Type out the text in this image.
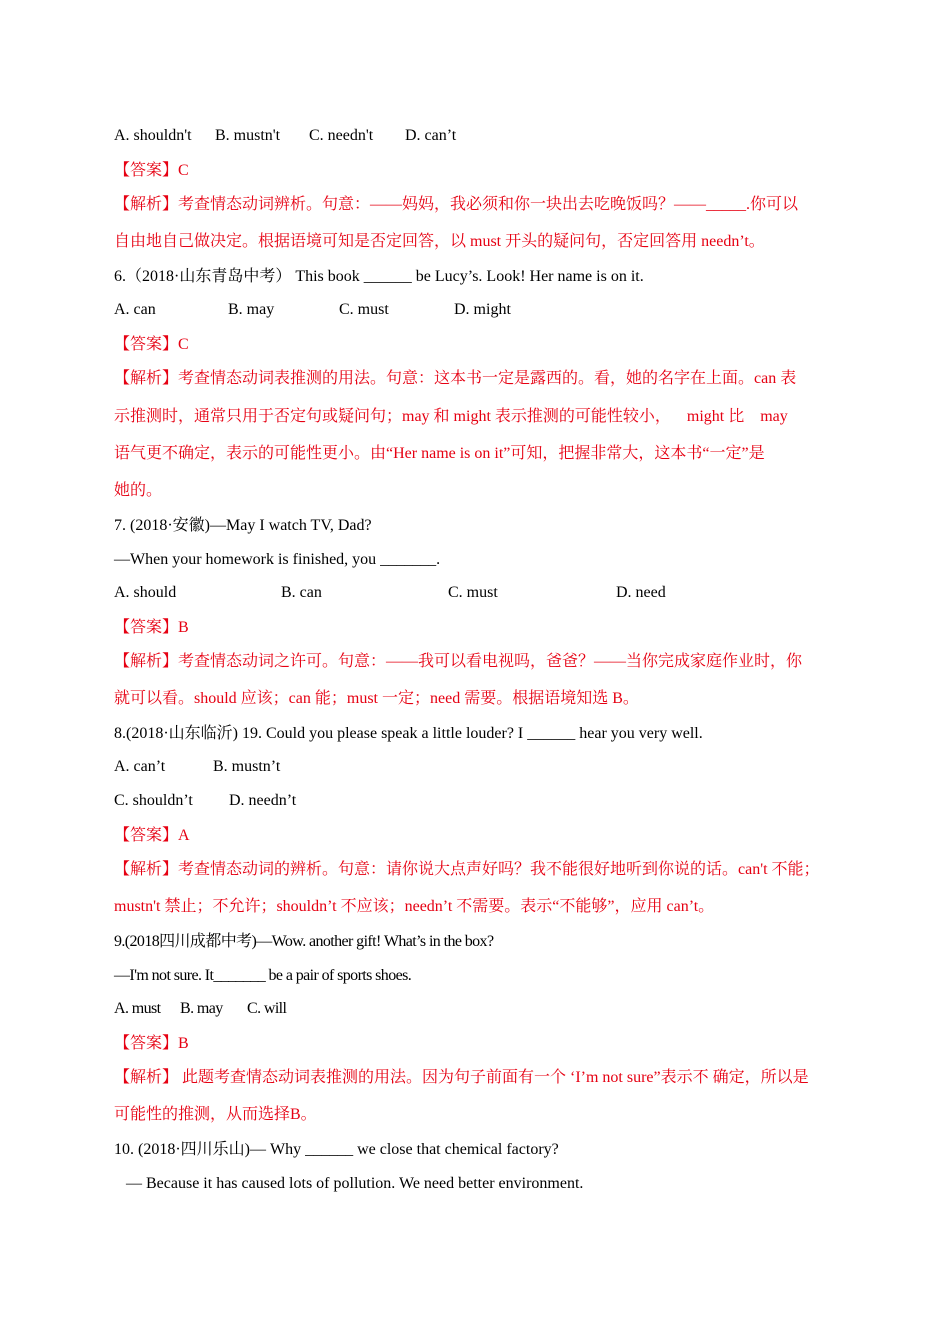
A. shouldn't B. mustn't C. needn't D. can’t
【答案】C
【解析】考查情态动词辨析。句意：——妈妈，我必须和你一块出去吃晚饭吗？——_____.你可以
自由地自己做决定。根据语境可知是否定回答，以 must 开头的疑问句，否定回答用 needn’t。
6.（2018·山东青岛中考） This book ______ be Lucy’s. Look! Her name is on it.
A. can	B. may	C. must	D. might
【答案】C
【解析】考查情态动词表推测的用法。句意：这本书一定是露西的。看，她的名字在上面。can 表
示推测时，通常只用于否定句或疑问句；may 和 might 表示推测的可能性较小，    might 比    may
语气更不确定，表示的可能性更小。由“Her name is on it”可知，把握非常大，这本书“一定”是
她的。
7. (2018·安徽)—May I watch TV, Dad?
—When your homework is finished, you _______.
A. should	B. can	C. must	D. need
【答案】B
【解析】考查情态动词之许可。句意：——我可以看电视吗，爸爸？——当你完成家庭作业时，你
就可以看。should 应该；can 能；must 一定；need 需要。根据语境知选 B。
8.(2018·山东临沂) 19. Could you please speak a little louder? I ______ hear you very well.
A. can’t	B. mustn’t
C. shouldn’t D. needn’t
【答案】A
【解析】考查情态动词的辨析。句意：请你说大点声好吗？我不能很好地听到你说的话。can't 不能；
mustn't 禁止；不允许；shouldn’t 不应该；needn’t 不需要。表示“不能够”，应用 can’t。
9.(2018四川成都中考)—Wow. another gift! What’s in the box?
—I'm not sure. It_______ be a pair of sports shoes.
A. must B. may C. will
【答案】B
【解析】 此题考查情态动词表推测的用法。因为句子前面有一个 ‘I’m not sure”表示不 确定，所以是
可能性的推测，从而选择B。
10. (2018·四川乐山)— Why ______ we close that chemical factory?
— Because it has caused lots of pollution. We need better environment.
